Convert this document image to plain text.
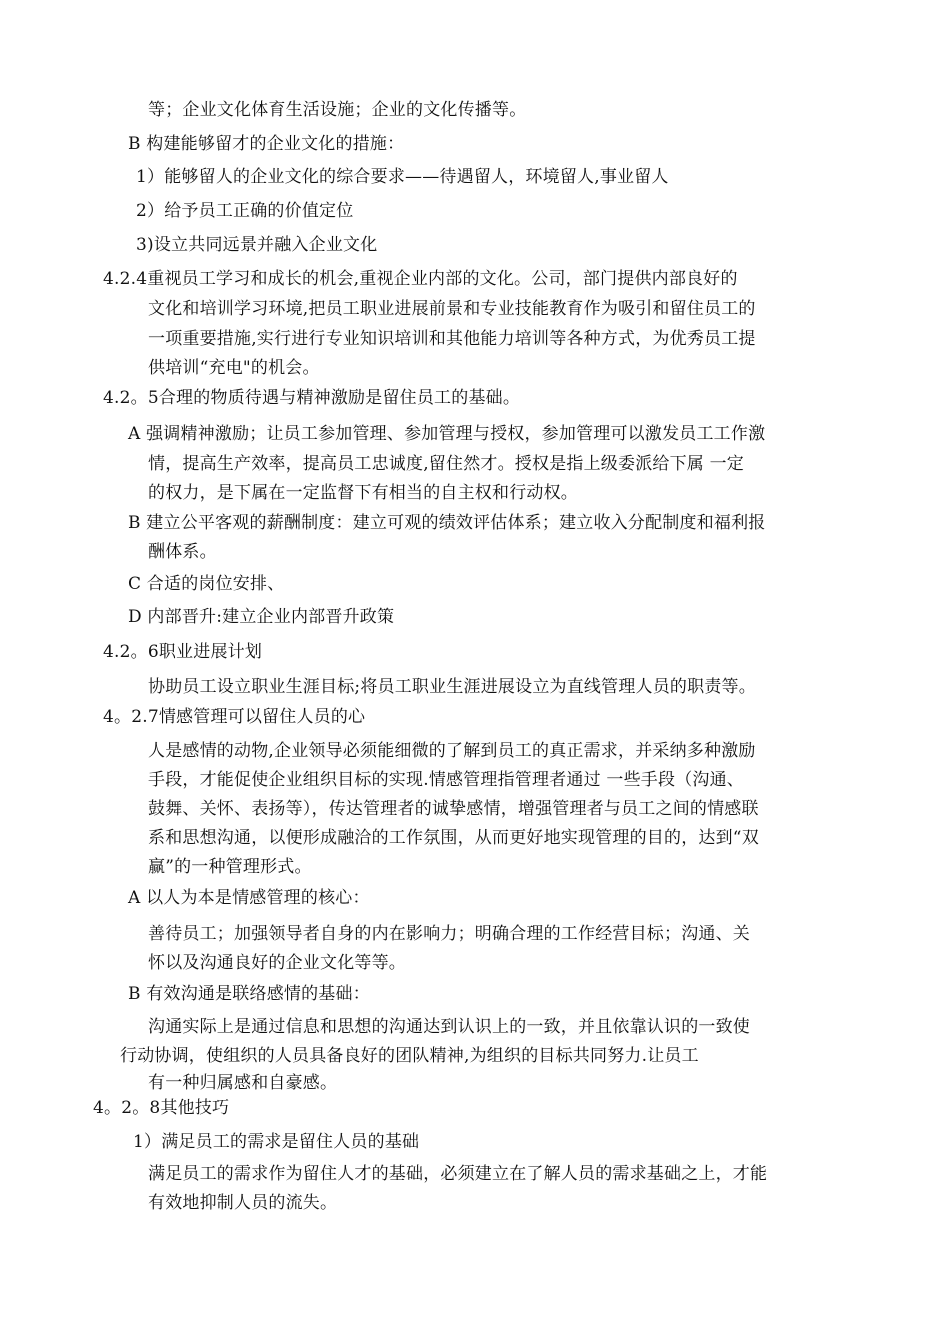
等；企业文化体育生活设施；企业的文化传播等。
B 构建能够留才的企业文化的措施：
1）能够留人的企业文化的综合要求——待遇留人，环境留人,事业留人
2）给予员工正确的价值定位
3)设立共同远景并融入企业文化
4.2.4重视员工学习和成长的机会,重视企业内部的文化。公司，部门提供内部良好的
文化和培训学习环境,把员工职业进展前景和专业技能教育作为吸引和留住员工的
一项重要措施,实行进行专业知识培训和其他能力培训等各种方式，为优秀员工提
供培训“充电"的机会。
4.2。5合理的物质待遇与精神激励是留住员工的基础。
A 强调精神激励；让员工参加管理、参加管理与授权，参加管理可以激发员工工作激
情，提高生产效率，提高员工忠诚度,留住然才。授权是指上级委派给下属 一定
的权力，是下属在一定监督下有相当的自主权和行动权。
B 建立公平客观的薪酬制度：建立可观的绩效评估体系；建立收入分配制度和福利报
酬体系。
C 合适的岗位安排、
D 内部晋升:建立企业内部晋升政策
4.2。6职业进展计划
协助员工设立职业生涯目标;将员工职业生涯进展设立为直线管理人员的职责等。
4。2.7情感管理可以留住人员的心
人是感情的动物,企业领导必须能细微的了解到员工的真正需求，并采纳多种激励
手段，才能促使企业组织目标的实现.情感管理指管理者通过 一些手段（沟通、
鼓舞、关怀、表扬等），传达管理者的诚挚感情，增强管理者与员工之间的情感联
系和思想沟通，以便形成融洽的工作氛围，从而更好地实现管理的目的，达到“双
赢”的一种管理形式。
A 以人为本是情感管理的核心：
善待员工；加强领导者自身的内在影响力；明确合理的工作经营目标；沟通、关
怀以及沟通良好的企业文化等等。
B 有效沟通是联络感情的基础：
沟通实际上是通过信息和思想的沟通达到认识上的一致，并且依靠认识的一致使
行动协调，使组织的人员具备良好的团队精神,为组织的目标共同努力.让员工
有一种归属感和自豪感。
4。2。8其他技巧
1）满足员工的需求是留住人员的基础
满足员工的需求作为留住人才的基础，必须建立在了解人员的需求基础之上，才能
有效地抑制人员的流失。
